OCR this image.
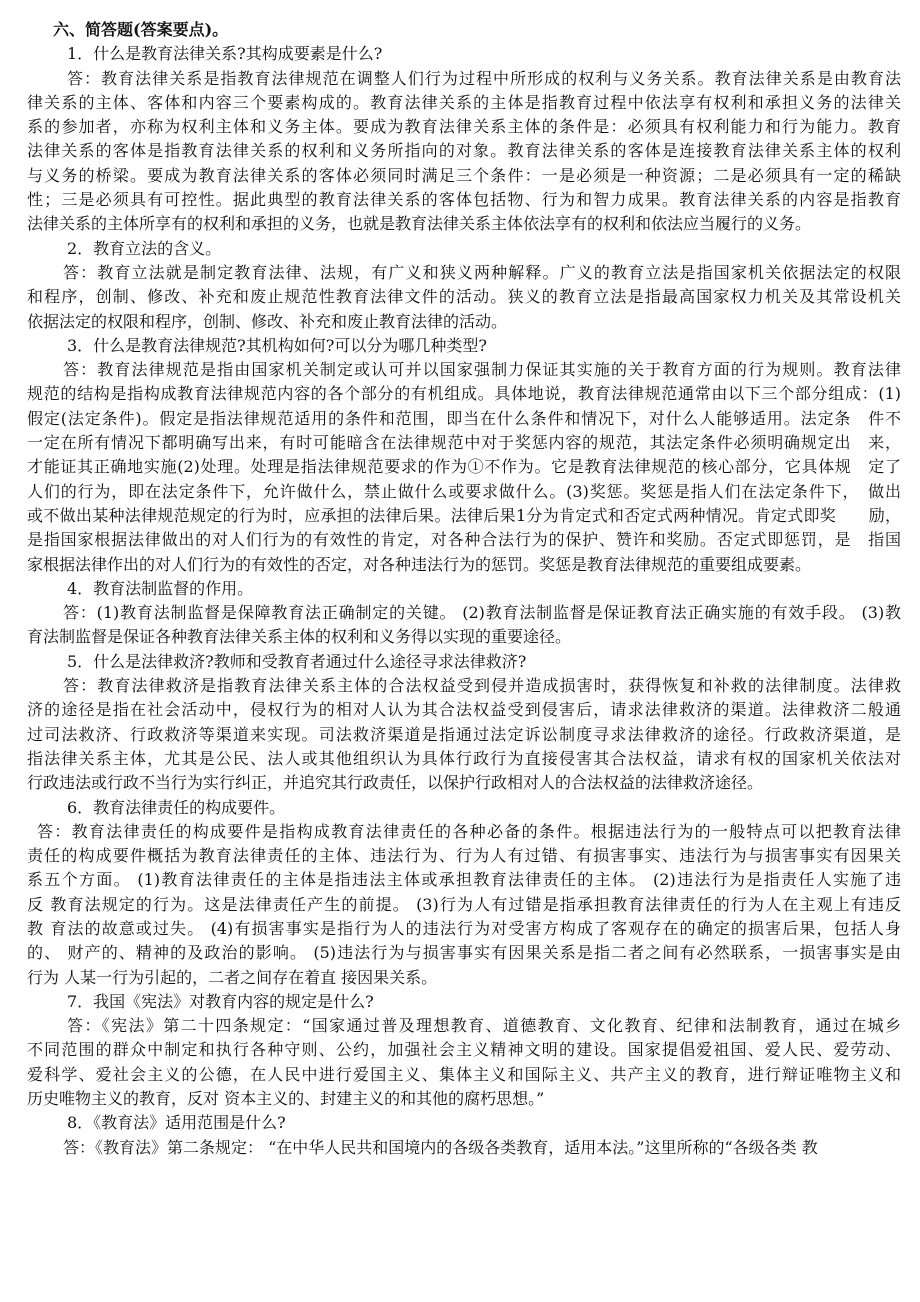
六、简答题(答案要点)。
1．什么是教育法律关系?其构成要素是什么?
答：教育法律关系是指教育法律规范在调整人们行为过程中所形成的权利与义务关系。教育法律关系是由教育法
律关系的主体、客体和内容三个要素构成的。教育法律关系的主体是指教育过程中依法享有权利和承担义务的法律关
系的参加者，亦称为权利主体和义务主体。要成为教育法律关系主体的条件是：必须具有权利能力和行为能力。教育
法律关系的客体是指教育法律关系的权利和义务所指向的对象。教育法律关系的客体是连接教育法律关系主体的权利
与义务的桥梁。要成为教育法律关系的客体必须同时满足三个条件：一是必须是一种资源；二是必须具有一定的稀缺
性；三是必须具有可控性。据此典型的教育法律关系的客体包括物、行为和智力成果。教育法律关系的内容是指教育
法律关系的主体所享有的权利和承担的义务，也就是教育法律关系主体依法享有的权利和依法应当履行的义务。
2．教育立法的含义。
答：教育立法就是制定教育法律、法规，有广义和狭义两种解释。广义的教育立法是指国家机关依据法定的权限
和程序，创制、修改、补充和废止规范性教育法律文件的活动。狭义的教育立法是指最高国家权力机关及其常设机关
依据法定的权限和程序，创制、修改、补充和废止教育法律的活动。
3．什么是教育法律规范?其机构如何?可以分为哪几种类型?
答：教育法律规范是指由国家机关制定或认可并以国家强制力保证其实施的关于教育方面的行为规则。教育法律
规范的结构是指构成教育法律规范内容的各个部分的有机组成。具体地说，教育法律规范通常由以下三个部分组成：(1)
假定(法定条件)。假定是指法律规范适用的条件和范围，即当在什么条件和情况下，对什么人能够适用。法定条　件不
一定在所有情况下都明确写出来，有时可能暗含在法律规范中对于奖惩内容的规范，其法定条件必须明确规定出　来，
才能证其正确地实施(2)处理。处理是指法律规范要求的作为①不作为。它是教育法律规范的核心部分，它具体规　定了
人们的行为，即在法定条件下，允许做什么，禁止做什么或要求做什么。(3)奖惩。奖惩是指人们在法定条件下，　做出
或不做出某种法律规范规定的行为时，应承担的法律后果。法律后果1分为肯定式和否定式两种情况。肯定式即奖　　励，
是指国家根据法律做出的对人们行为的有效性的肯定，对各种合法行为的保护、赞许和奖励。否定式即惩罚，是　指国
家根据法律作出的对人们行为的有效性的否定，对各种违法行为的惩罚。奖惩是教育法律规范的重要组成要素。
4．教育法制监督的作用。
答：(1)教育法制监督是保障教育法正确制定的关键。 (2)教育法制监督是保证教育法正确实施的有效手段。 (3)教
育法制监督是保证各种教育法律关系主体的权利和义务得以实现的重要途径。
5．什么是法律救济?教师和受教育者通过什么途径寻求法律救济?
答：教育法律救济是指教育法律关系主体的合法权益受到侵并造成损害时，获得恢复和补救的法律制度。法律救
济的途径是指在社会活动中，侵权行为的相对人认为其合法权益受到侵害后，请求法律救济的渠道。法律救济二般通
过司法救济、行政救济等渠道来实现。司法救济渠道是指通过法定诉讼制度寻求法律救济的途径。行政救济渠道，是
指法律关系主体，尤其是公民、法人或其他组织认为具体行政行为直接侵害其合法权益，请求有权的国家机关依法对
行政违法或行政不当行为实行纠正，并追究其行政责任，以保护行政相对人的合法权益的法律救济途径。
6．教育法律责任的构成要件。
答：教育法律责任的构成要件是指构成教育法律责任的各种必备的条件。根据违法行为的一般特点可以把教育法律
责任的构成要件概括为教育法律责任的主体、违法行为、行为人有过错、有损害事实、违法行为与损害事实有因果关
系五个方面。 (1)教育法律责任的主体是指违法主体或承担教育法律责任的主体。 (2)违法行为是指责任人实施了违
反 教育法规定的行为。这是法律责任产生的前提。 (3)行为人有过错是指承担教育法律责任的行为人在主观上有违反
教 育法的故意或过失。 (4)有损害事实是指行为人的违法行为对受害方构成了客观存在的确定的损害后果，包括人身
的、 财产的、精神的及政治的影响。 (5)违法行为与损害事实有因果关系是指二者之间有必然联系，一损害事实是由
行为 人某一行为引起的，二者之间存在着直 接因果关系。
7．我国《宪法》对教育内容的规定是什么?
答：《宪法》第二十四条规定：“国家通过普及理想教育、道德教育、文化教育、纪律和法制教育，通过在城乡
不同范围的群众中制定和执行各种守则、公约，加强社会主义精神文明的建设。国家提倡爱祖国、爱人民、爱劳动、
爱科学、爱社会主义的公德，在人民中进行爱国主义、集体主义和国际主义、共产主义的教育，进行辩证唯物主义和
历史唯物主义的教育，反对 资本主义的、封建主义的和其他的腐朽思想。”
8．《教育法》适用范围是什么?
答：《教育法》第二条规定： “在中华人民共和国境内的各级各类教育，适用本法。”这里所称的“各级各类 教
